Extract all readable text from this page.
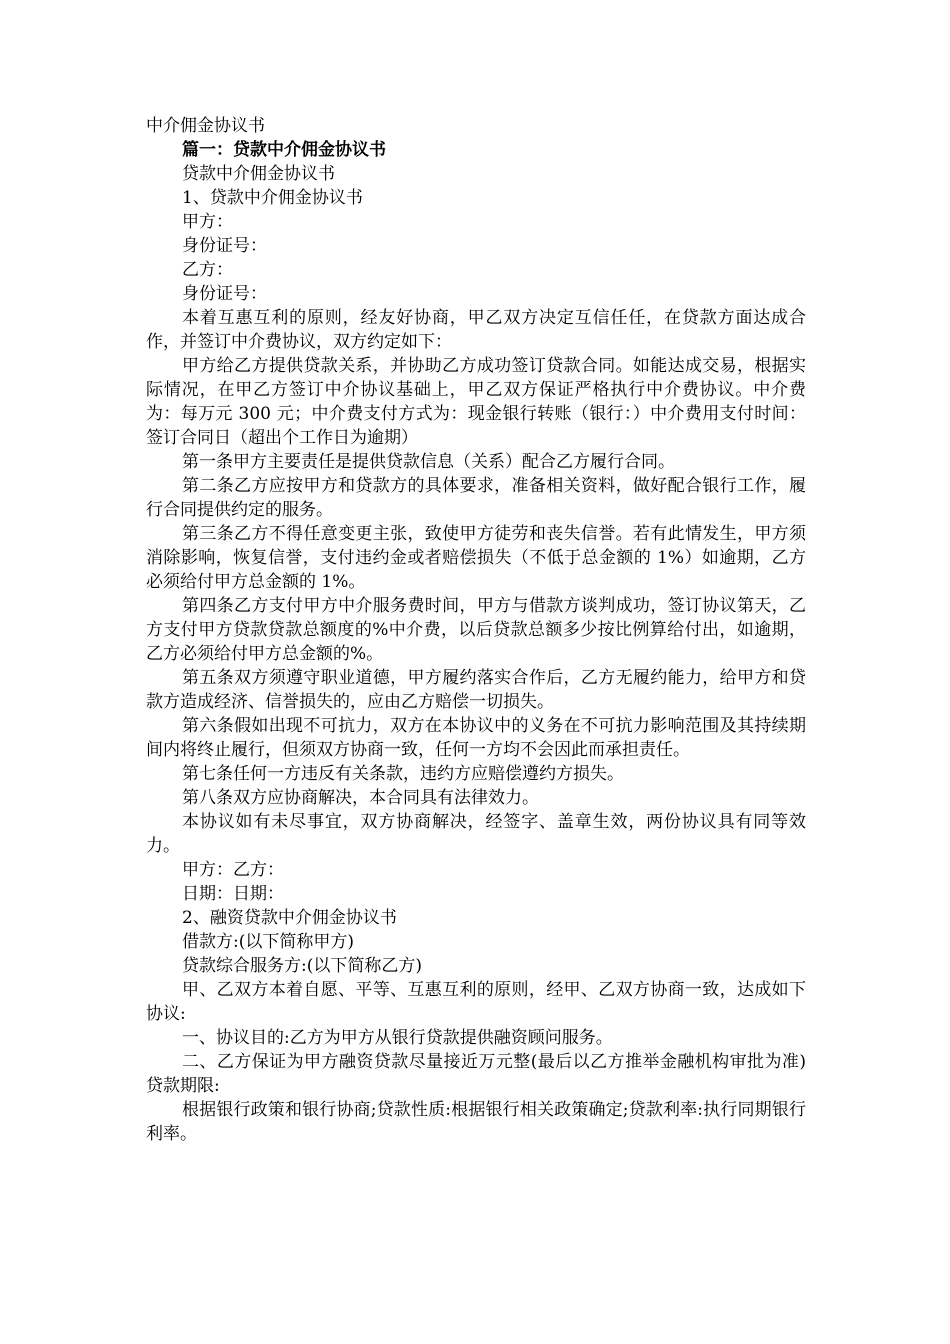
中介佣金协议书
篇一：贷款中介佣金协议书
贷款中介佣金协议书
1、贷款中介佣金协议书
甲方：
身份证号：
乙方：
身份证号：
本着互惠互利的原则，经友好协商，甲乙双方决定互信任任，在贷款方面达成合作，并签订中介费协议，双方约定如下：
甲方给乙方提供贷款关系，并协助乙方成功签订贷款合同。如能达成交易，根据实际情况，在甲乙方签订中介协议基础上，甲乙双方保证严格执行中介费协议。中介费为：每万元 300 元；中介费支付方式为：现金银行转账（银行：）中介费用支付时间：签订合同日（超出个工作日为逾期）
第一条甲方主要责任是提供贷款信息（关系）配合乙方履行合同。
第二条乙方应按甲方和贷款方的具体要求，准备相关资料，做好配合银行工作，履行合同提供约定的服务。
第三条乙方不得任意变更主张，致使甲方徒劳和丧失信誉。若有此情发生，甲方须消除影响，恢复信誉，支付违约金或者赔偿损失（不低于总金额的 1%）如逾期，乙方必须给付甲方总金额的 1%。
第四条乙方支付甲方中介服务费时间，甲方与借款方谈判成功，签订协议第天，乙方支付甲方贷款贷款总额度的%中介费，以后贷款总额多少按比例算给付出，如逾期，乙方必须给付甲方总金额的%。
第五条双方须遵守职业道德，甲方履约落实合作后，乙方无履约能力，给甲方和贷款方造成经济、信誉损失的，应由乙方赔偿一切损失。
第六条假如出现不可抗力，双方在本协议中的义务在不可抗力影响范围及其持续期间内将终止履行，但须双方协商一致，任何一方均不会因此而承担责任。
第七条任何一方违反有关条款，违约方应赔偿遵约方损失。
第八条双方应协商解决，本合同具有法律效力。
本协议如有未尽事宜，双方协商解决，经签字、盖章生效，两份协议具有同等效力。
甲方：乙方：
日期：日期：
2、融资贷款中介佣金协议书
借款方:(以下简称甲方)
贷款综合服务方:(以下简称乙方)
甲、乙双方本着自愿、平等、互惠互利的原则，经甲、乙双方协商一致，达成如下协议:
一、协议目的:乙方为甲方从银行贷款提供融资顾问服务。
二、乙方保证为甲方融资贷款尽量接近万元整(最后以乙方推举金融机构审批为准)贷款期限:
根据银行政策和银行协商;贷款性质:根据银行相关政策确定;贷款利率:执行同期银行利率。
